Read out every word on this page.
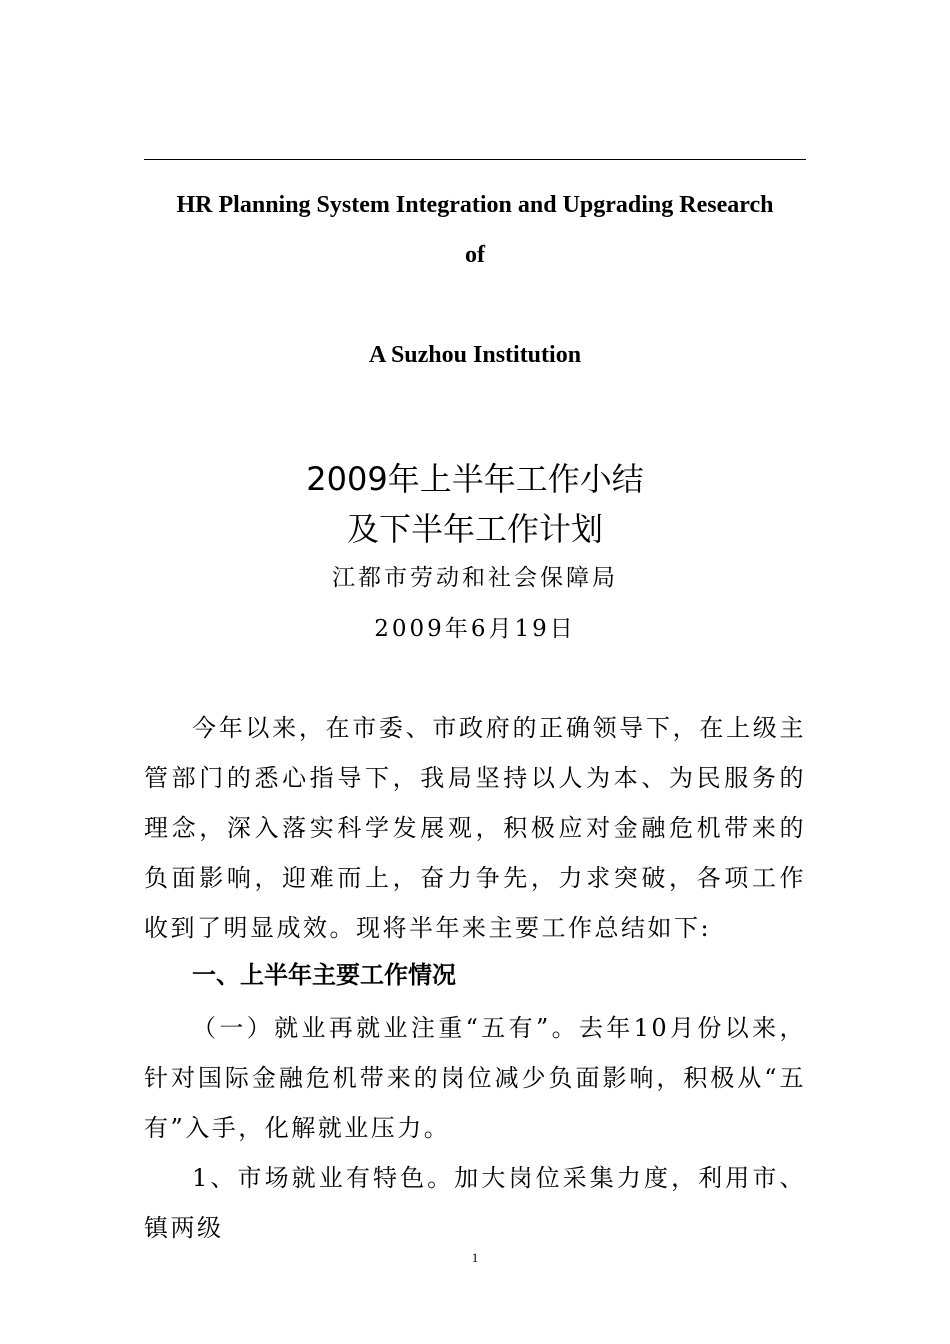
HR Planning System Integration and Upgrading Research
of
A Suzhou Institution
2009年上半年工作小结
及下半年工作计划
江都市劳动和社会保障局
2009年6月19日
今年以来，在市委、市政府的正确领导下，在上级主管部门的悉心指导下，我局坚持以人为本、为民服务的理念，深入落实科学发展观，积极应对金融危机带来的负面影响，迎难而上，奋力争先，力求突破，各项工作收到了明显成效。现将半年来主要工作总结如下:
一、上半年主要工作情况
（一）就业再就业注重“五有”。去年10月份以来，针对国际金融危机带来的岗位减少负面影响，积极从“五有”入手，化解就业压力。
1、市场就业有特色。加大岗位采集力度，利用市、镇两级
1
